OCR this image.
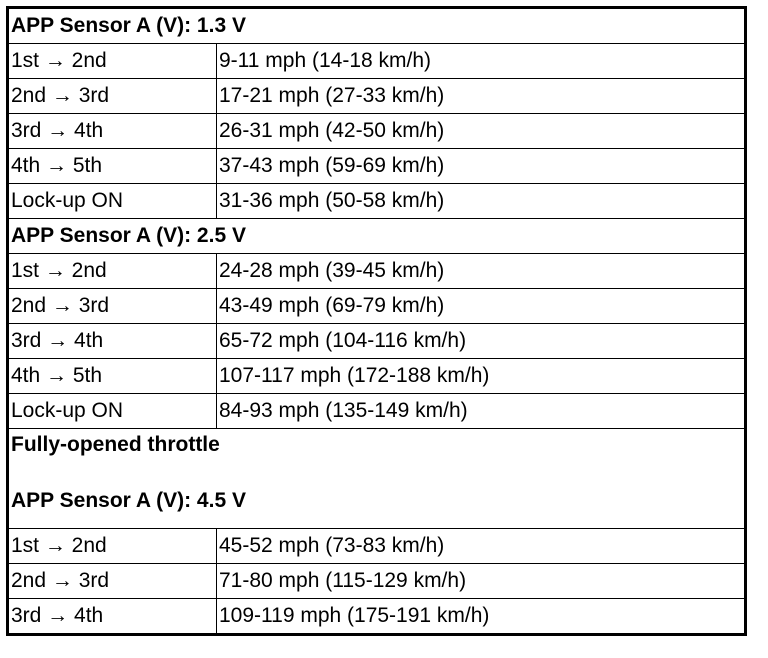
APP Sensor A (V): 1.3 V	
1st → 2nd	9-11 mph (14-18 km/h)
2nd → 3rd	17-21 mph (27-33 km/h)
3rd → 4th	26-31 mph (42-50 km/h)
4th → 5th	37-43 mph (59-69 km/h)
Lock-up ON	31-36 mph (50-58 km/h)
APP Sensor A (V): 2.5 V	
1st → 2nd	24-28 mph (39-45 km/h)
2nd → 3rd	43-49 mph (69-79 km/h)
3rd → 4th	65-72 mph (104-116 km/h)
4th → 5th	107-117 mph (172-188 km/h)
Lock-up ON	84-93 mph (135-149 km/h)

Fully-opened throttle
APP Sensor A (V): 4.5 V	

1st → 2nd	45-52 mph (73-83 km/h)
2nd → 3rd	71-80 mph (115-129 km/h)
3rd → 4th	109-119 mph (175-191 km/h)
